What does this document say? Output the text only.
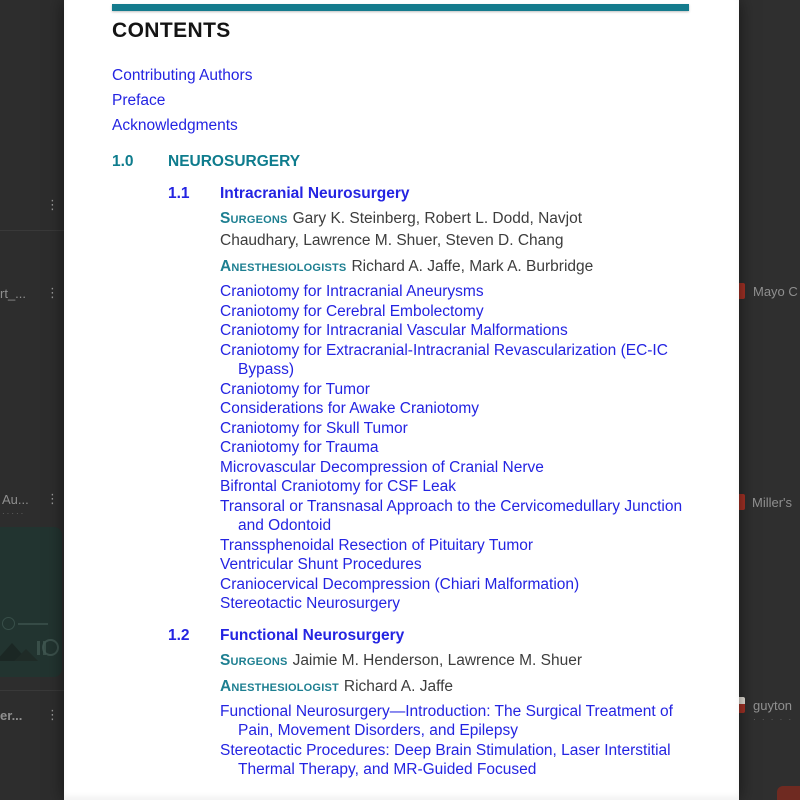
⋮
rt_... ⋮
Au... ⋮
·····
er... ⋮
Mayo C
Miller's
guyton
· · · · ·
CONTENTS
Contributing Authors
Preface
Acknowledgments
1.0	NEUROSURGERY
1.1	Intracranial Neurosurgery

Surgeons Gary K. Steinberg, Robert L. Dodd, Navjot Chaudhary, Lawrence M. Shuer, Steven D. Chang

Anesthesiologists Richard A. Jaffe, Mark A. Burbridge

Craniotomy for Intracranial Aneurysms
Craniotomy for Cerebral Embolectomy
Craniotomy for Intracranial Vascular Malformations
Craniotomy for Extracranial-Intracranial Revascularization (EC-IC Bypass)
Craniotomy for Tumor
Considerations for Awake Craniotomy
Craniotomy for Skull Tumor
Craniotomy for Trauma
Microvascular Decompression of Cranial Nerve
Bifrontal Craniotomy for CSF Leak
Transoral or Transnasal Approach to the Cervicomedullary Junction and Odontoid
Transsphenoidal Resection of Pituitary Tumor
Ventricular Shunt Procedures
Craniocervical Decompression (Chiari Malformation)
Stereotactic Neurosurgery
1.2	Functional Neurosurgery

Surgeons Jaimie M. Henderson, Lawrence M. Shuer

Anesthesiologist Richard A. Jaffe

Functional Neurosurgery—Introduction: The Surgical Treatment of Pain, Movement Disorders, and Epilepsy
Stereotactic Procedures: Deep Brain Stimulation, Laser Interstitial Thermal Therapy, and MR-Guided Focused
